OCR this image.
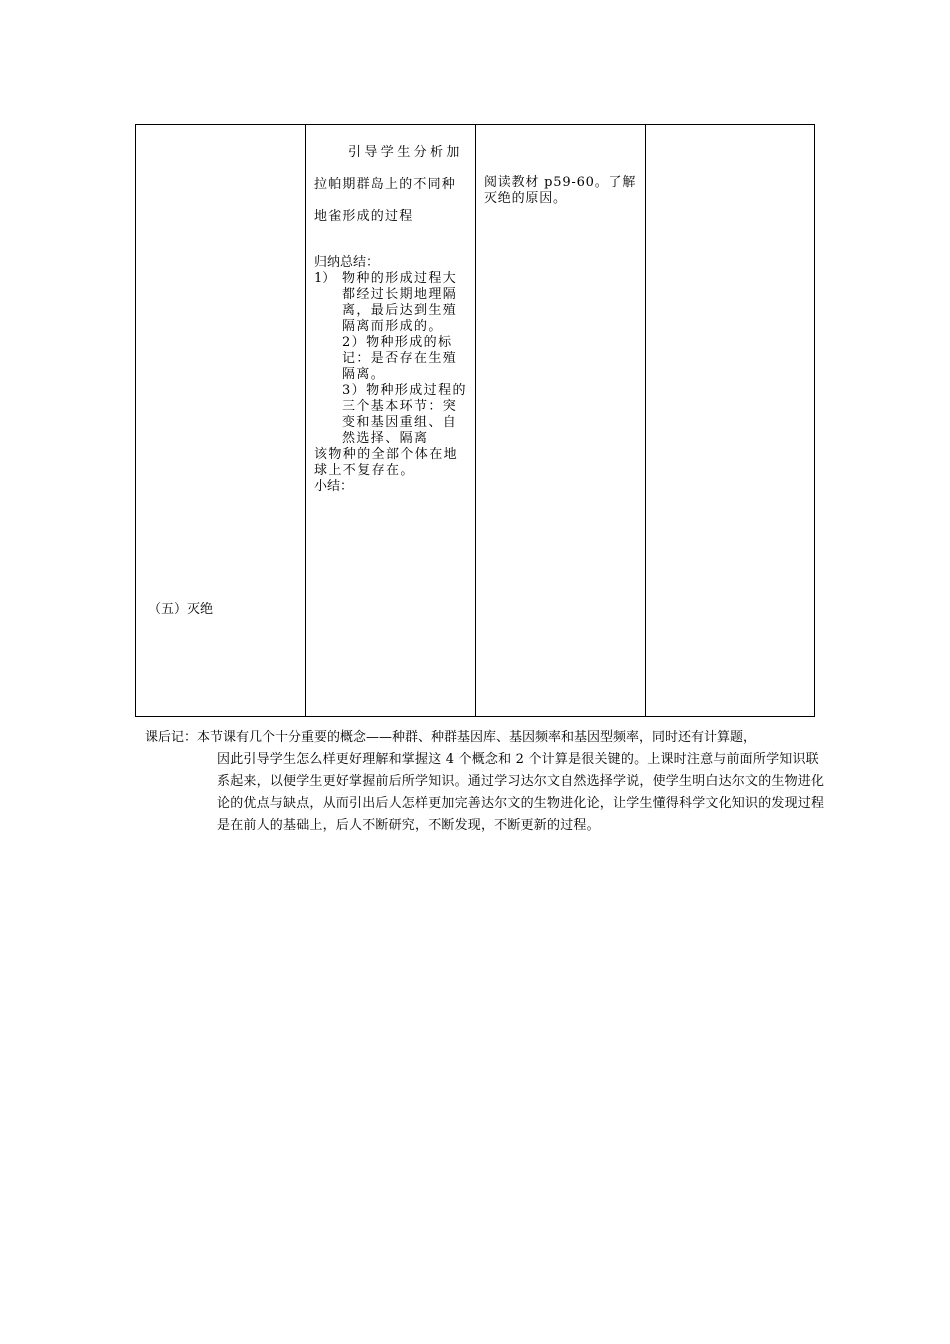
（五）灭绝
引导学生分析加
拉帕期群岛上的不同种
地雀形成的过程
归纳总结：
1） 物种的形成过程大都经过长期地理隔离，最后达到生殖隔离而形成的。
2）物种形成的标记：是否存在生殖隔离。
3）物种形成过程的三个基本环节：突变和基因重组、自然选择、隔离
该物种的全部个体在地球上不复存在。
小结：
阅读教材 p59-60。了解灭绝的原因。
课后记：本节课有几个十分重要的概念——种群、种群基因库、基因频率和基因型频率，同时还有计算题，
因此引导学生怎么样更好理解和掌握这 4 个概念和 2 个计算是很关键的。上课时注意与前面所学知识联系起来，以便学生更好掌握前后所学知识。通过学习达尔文自然选择学说，使学生明白达尔文的生物进化论的优点与缺点，从而引出后人怎样更加完善达尔文的生物进化论，让学生懂得科学文化知识的发现过程是在前人的基础上，后人不断研究，不断发现，不断更新的过程。
